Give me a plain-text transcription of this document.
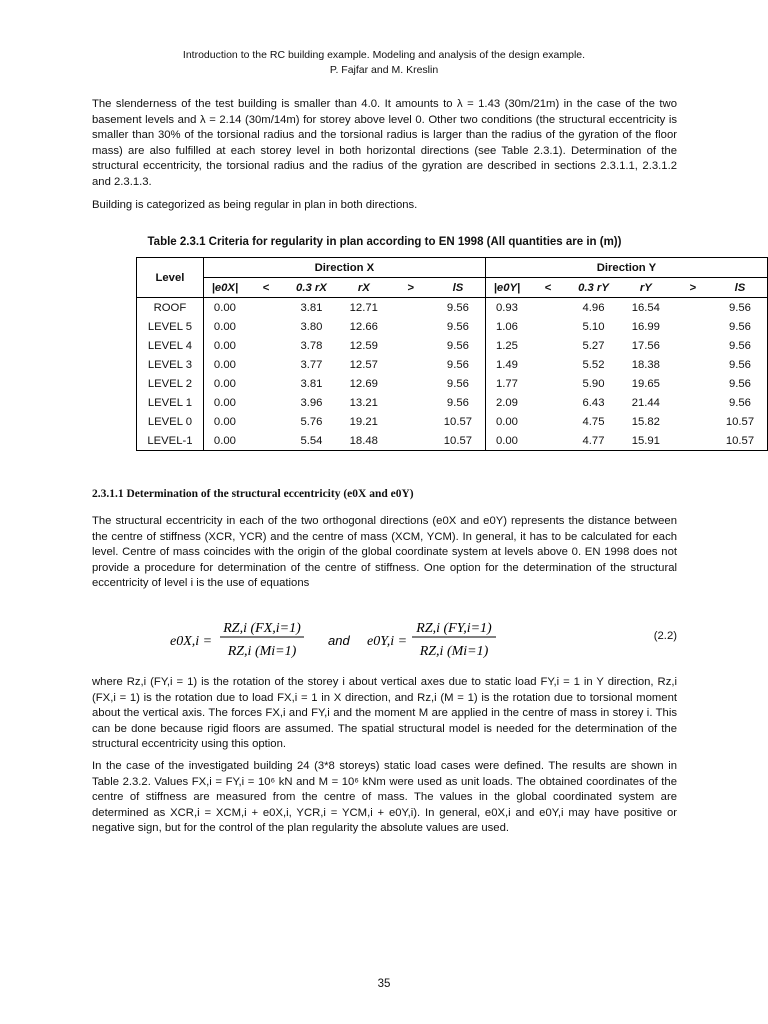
Introduction to the RC building example. Modeling and analysis of the design example.
P. Fajfar and M. Kreslin

The slenderness of the test building is smaller than 4.0. It amounts to λ = 1.43 (30m/21m) in the case of the two basement levels and λ = 2.14 (30m/14m) for storey above level 0. Other two conditions (the structural eccentricity is smaller than 30% of the torsional radius and the torsional radius is larger than the radius of the gyration of the floor mass) are also fulfilled at each storey level in both horizontal directions (see Table 2.3.1). Determination of the structural eccentricity, the torsional radius and the radius of the gyration are described in sections 2.3.1.1, 2.3.1.2 and 2.3.1.3.

Building is categorized as being regular in plan in both directions.

Table 2.3.1 Criteria for regularity in plan according to EN 1998 (All quantities are in (m))
Level	Direction X						Direction Y					
	|e0X|	<	0.3 rX	rX	>	lS	|e0Y|	<	0.3 rY	rY	>	lS
ROOF	0.00		3.81	12.71		9.56	0.93		4.96	16.54		9.56
LEVEL 5	0.00		3.80	12.66		9.56	1.06		5.10	16.99		9.56
LEVEL 4	0.00		3.78	12.59		9.56	1.25		5.27	17.56		9.56
LEVEL 3	0.00		3.77	12.57		9.56	1.49		5.52	18.38		9.56
LEVEL 2	0.00		3.81	12.69		9.56	1.77		5.90	19.65		9.56
LEVEL 1	0.00		3.96	13.21		9.56	2.09		6.43	21.44		9.56
LEVEL 0	0.00		5.76	19.21		10.57	0.00		4.75	15.82		10.57
LEVEL-1	0.00		5.54	18.48		10.57	0.00		4.77	15.91		10.57
2.3.1.1 Determination of the structural eccentricity (e0X and e0Y)

The structural eccentricity in each of the two orthogonal directions (e0X and e0Y) represents the distance between the centre of stiffness (XCR, YCR) and the centre of mass (XCM, YCM). In general, it has to be calculated for each level. Centre of mass coincides with the origin of the global coordinate system at levels above 0. EN 1998 does not provide a procedure for determination of the centre of stiffness. One option for the determination of the structural eccentricity of level i is the use of equations

e0X,i =
RZ,i (FX,i=1)
RZ,i (Mi=1)
and e0Y,i =
RZ,i (FY,i=1)
RZ,i (Mi=1)
(2.2)

where Rz,i (FY,i = 1) is the rotation of the storey i about vertical axes due to static load FY,i = 1 in Y direction, Rz,i (FX,i = 1) is the rotation due to load FX,i = 1 in X direction, and Rz,i (M = 1) is the rotation due to torsional moment about the vertical axis. The forces FX,i and FY,i and the moment M are applied in the centre of mass in storey i. This can be done because rigid floors are assumed. The spatial structural model is needed for the determination of the structural eccentricity using this option.

In the case of the investigated building 24 (3*8 storeys) static load cases were defined. The results are shown in Table 2.3.2. Values FX,i = FY,i = 10⁶ kN and M = 10⁶ kNm were used as unit loads. The obtained coordinates of the centre of stiffness are measured from the centre of mass. The values in the global coordinated system are determined as XCR,i = XCM,i + e0X,i, YCR,i = YCM,i + e0Y,i). In general, e0X,i and e0Y,i may have positive or negative sign, but for the control of the plan regularity the absolute values are used.

35
